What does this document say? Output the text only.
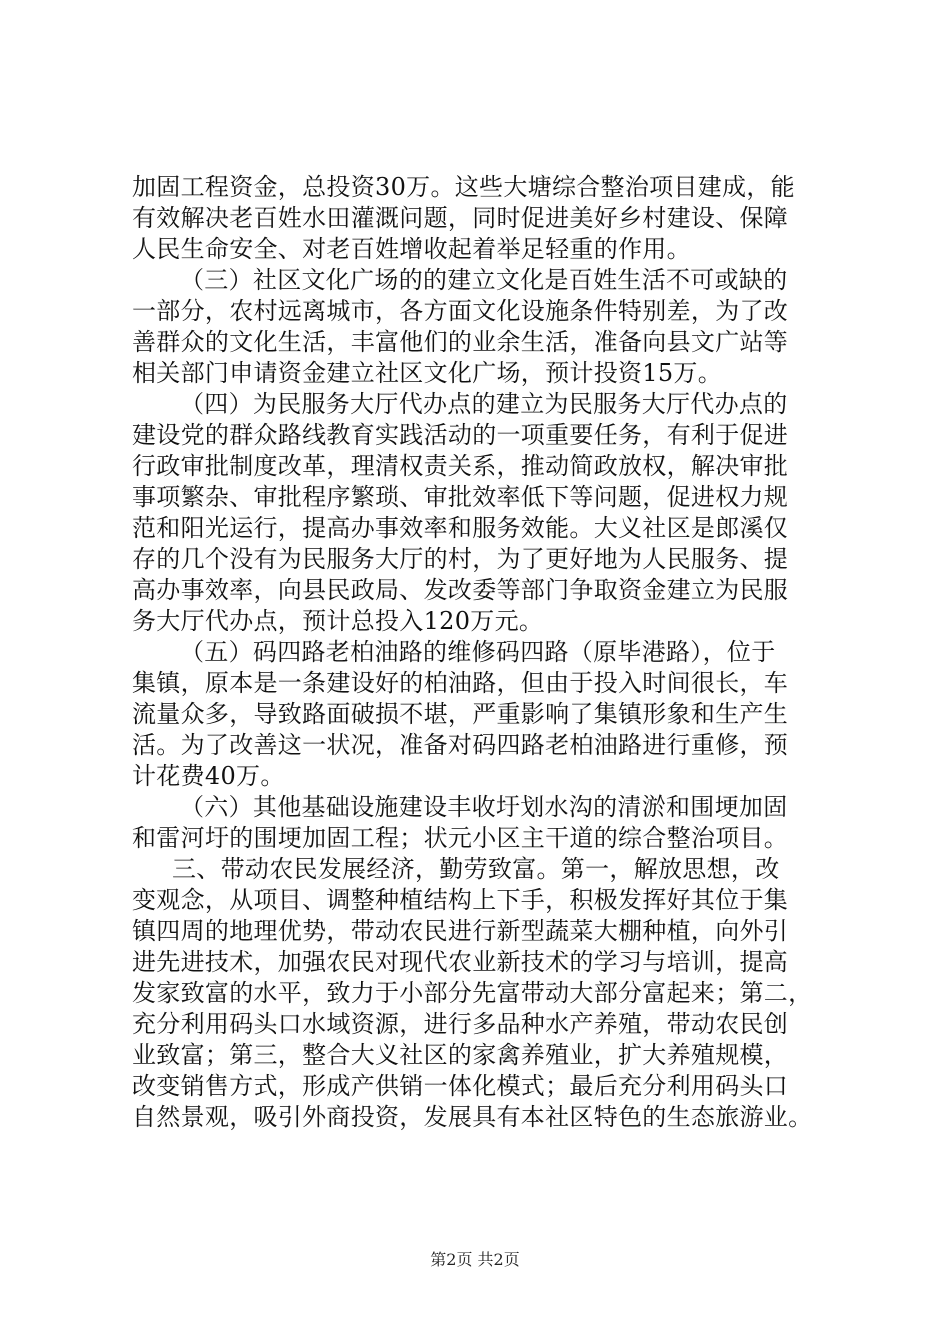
加固工程资金，总投资30万。这些大塘综合整治项目建成，能
有效解决老百姓水田灌溉问题，同时促进美好乡村建设、保障
人民生命安全、对老百姓增收起着举足轻重的作用。
（三）社区文化广场的的建立文化是百姓生活不可或缺的
一部分，农村远离城市，各方面文化设施条件特别差，为了改
善群众的文化生活，丰富他们的业余生活，准备向县文广站等
相关部门申请资金建立社区文化广场，预计投资15万。
（四）为民服务大厅代办点的建立为民服务大厅代办点的
建设党的群众路线教育实践活动的一项重要任务，有利于促进
行政审批制度改革，理清权责关系，推动简政放权，解决审批
事项繁杂、审批程序繁琐、审批效率低下等问题，促进权力规
范和阳光运行，提高办事效率和服务效能。大义社区是郎溪仅
存的几个没有为民服务大厅的村，为了更好地为人民服务、提
高办事效率，向县民政局、发改委等部门争取资金建立为民服
务大厅代办点，预计总投入120万元。
（五）码四路老柏油路的维修码四路（原毕港路），位于
集镇，原本是一条建设好的柏油路，但由于投入时间很长，车
流量众多，导致路面破损不堪，严重影响了集镇形象和生产生
活。为了改善这一状况，准备对码四路老柏油路进行重修，预
计花费40万。
（六）其他基础设施建设丰收圩划水沟的清淤和围埂加固
和雷河圩的围埂加固工程；状元小区主干道的综合整治项目。
三、带动农民发展经济，勤劳致富。第一，解放思想，改
变观念，从项目、调整种植结构上下手，积极发挥好其位于集
镇四周的地理优势，带动农民进行新型蔬菜大棚种植，向外引
进先进技术，加强农民对现代农业新技术的学习与培训，提高
发家致富的水平，致力于小部分先富带动大部分富起来；第二，
充分利用码头口水域资源，进行多品种水产养殖，带动农民创
业致富；第三，整合大义社区的家禽养殖业，扩大养殖规模，
改变销售方式，形成产供销一体化模式；最后充分利用码头口
自然景观，吸引外商投资，发展具有本社区特色的生态旅游业。
第2页 共2页
